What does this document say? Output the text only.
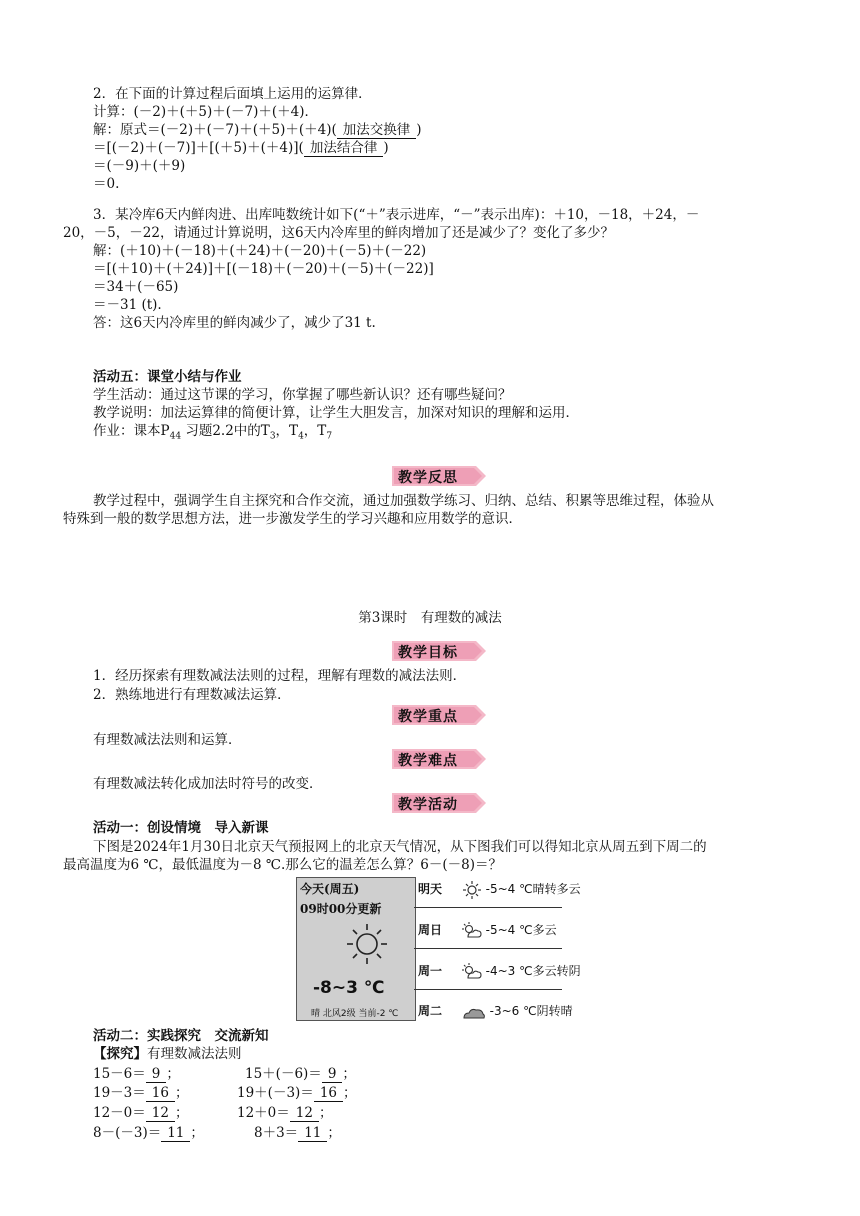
2．在下面的计算过程后面填上运用的运算律．
计算：(－2)＋(＋5)＋(－7)＋(＋4)．
解：原式＝(－2)＋(－7)＋(＋5)＋(＋4)( 加法交换律 )
＝[(－2)＋(－7)]＋[(＋5)＋(＋4)]( 加法结合律 )
＝(－9)＋(＋9)
＝0.
3．某冷库6天内鲜肉进、出库吨数统计如下(“＋”表示进库，“－”表示出库)：＋10，－18，＋24，－
20，－5，－22，请通过计算说明，这6天内冷库里的鲜肉增加了还是减少了？变化了多少？
解：(＋10)＋(－18)＋(＋24)＋(－20)＋(－5)＋(－22)
＝[(＋10)＋(＋24)]＋[(－18)＋(－20)＋(－5)＋(－22)]
＝34＋(－65)
＝－31 (t).
答：这6天内冷库里的鲜肉减少了，减少了31 t.
活动五：课堂小结与作业
学生活动：通过这节课的学习，你掌握了哪些新认识？还有哪些疑问？
教学说明：加法运算律的简便计算，让学生大胆发言，加深对知识的理解和运用．
作业：课本$P_{44}$ 习题2.2中的$T_3$，$T_4$，$T_7$
教学反思
教学过程中，强调学生自主探究和合作交流，通过加强数学练习、归纳、总结、积累等思维过程，体验从
特殊到一般的数学思想方法，进一步激发学生的学习兴趣和应用数学的意识．
第3课时　有理数的减法
教学目标
1．经历探索有理数减法法则的过程，理解有理数的减法法则．
2．熟练地进行有理数减法运算．
教学重点
有理数减法法则和运算．
教学难点
有理数减法转化成加法时符号的改变．
教学活动
活动一：创设情境　导入新课
下图是2024年1月30日北京天气预报网上的北京天气情况，从下图我们可以得知北京从周五到下周二的
最高温度为6 ℃，最低温度为－8 ℃.那么它的温差怎么算？6－(－8)＝？
今天(周五)
09时00分更新
-8~3 ℃
晴 北风2级 当前-2 ℃
明天	-5~4 ℃晴转多云
周日	-5~4 ℃多云
周一	-4~3 ℃多云转阴
周二	-3~6 ℃阴转晴
活动二：实践探究　交流新知
【探究】有理数减法法则
15－6＝ 9 ；	15＋(－6)＝ 9 ；
19－3＝ 16 ；	19＋(－3)＝ 16 ；
12－0＝ 12 ；	12＋0＝ 12 ；
8－(－3)＝ 11 ；	8＋3＝ 11 ；
